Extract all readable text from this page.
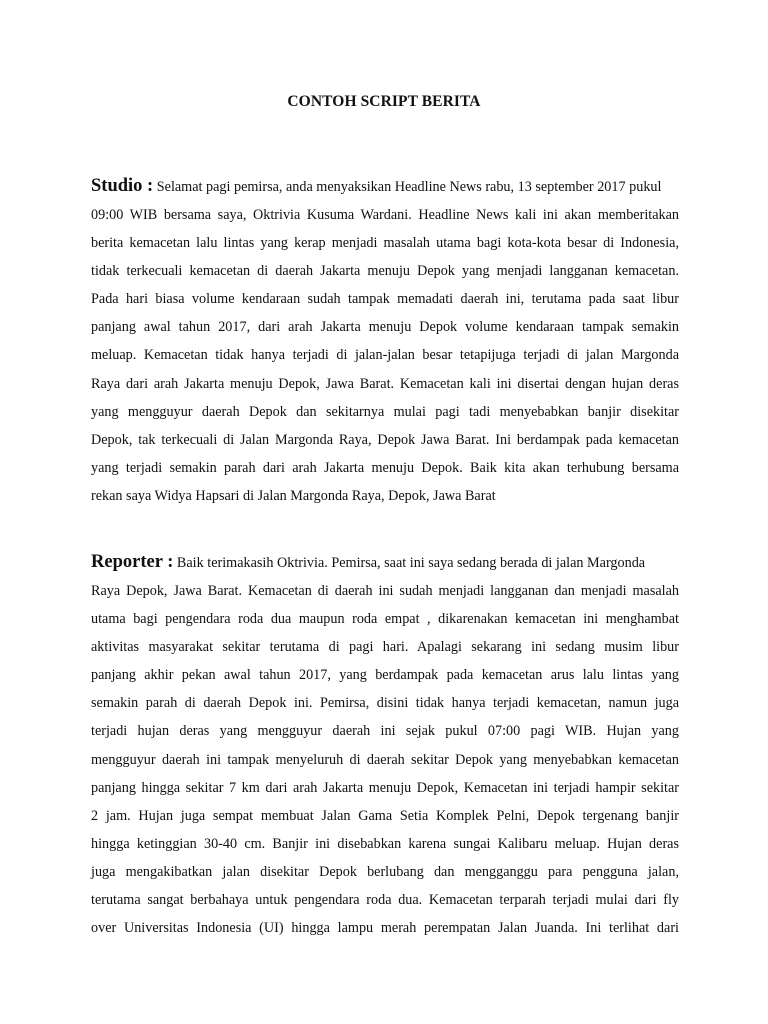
CONTOH SCRIPT BERITA
Studio : Selamat pagi pemirsa, anda menyaksikan Headline News rabu, 13 september 2017 pukul
09:00 WIB bersama saya, Oktrivia Kusuma Wardani. Headline News kali ini akan memberitakan
berita kemacetan lalu lintas yang kerap menjadi masalah utama bagi kota-kota besar di Indonesia,
tidak terkecuali kemacetan di daerah Jakarta menuju Depok yang menjadi langganan kemacetan.
Pada hari biasa volume kendaraan sudah tampak memadati daerah ini, terutama pada saat libur
panjang awal tahun 2017, dari arah Jakarta menuju Depok volume kendaraan tampak semakin
meluap. Kemacetan tidak hanya terjadi di jalan-jalan besar tetapijuga terjadi di jalan Margonda
Raya dari arah Jakarta menuju Depok, Jawa Barat. Kemacetan kali ini disertai dengan hujan deras
yang mengguyur daerah Depok dan sekitarnya mulai pagi tadi menyebabkan banjir disekitar
Depok, tak terkecuali di Jalan Margonda Raya, Depok Jawa Barat. Ini berdampak pada kemacetan
yang terjadi semakin parah dari arah Jakarta menuju Depok. Baik kita akan terhubung bersama
rekan saya Widya Hapsari di Jalan Margonda Raya, Depok, Jawa Barat
Reporter : Baik terimakasih Oktrivia. Pemirsa, saat ini saya sedang berada di jalan Margonda
Raya Depok, Jawa Barat. Kemacetan di daerah ini sudah menjadi langganan dan menjadi masalah
utama bagi pengendara roda dua maupun roda empat , dikarenakan kemacetan ini menghambat
aktivitas masyarakat sekitar terutama di pagi hari. Apalagi sekarang ini sedang musim libur
panjang akhir pekan awal tahun 2017, yang berdampak pada kemacetan arus lalu lintas yang
semakin parah di daerah Depok ini. Pemirsa, disini tidak hanya terjadi kemacetan, namun juga
terjadi hujan deras yang mengguyur daerah ini sejak pukul 07:00 pagi WIB. Hujan yang
mengguyur daerah ini tampak menyeluruh di daerah sekitar Depok yang menyebabkan kemacetan
panjang hingga sekitar 7 km dari arah Jakarta menuju Depok, Kemacetan ini terjadi hampir sekitar
2 jam. Hujan juga sempat membuat Jalan Gama Setia Komplek Pelni, Depok tergenang banjir
hingga ketinggian 30-40 cm. Banjir ini disebabkan karena sungai Kalibaru meluap. Hujan deras
juga mengakibatkan jalan disekitar Depok berlubang dan mengganggu para pengguna jalan,
terutama sangat berbahaya untuk pengendara roda dua. Kemacetan terparah terjadi mulai dari fly
over Universitas Indonesia (UI) hingga lampu merah perempatan Jalan Juanda. Ini terlihat dari
